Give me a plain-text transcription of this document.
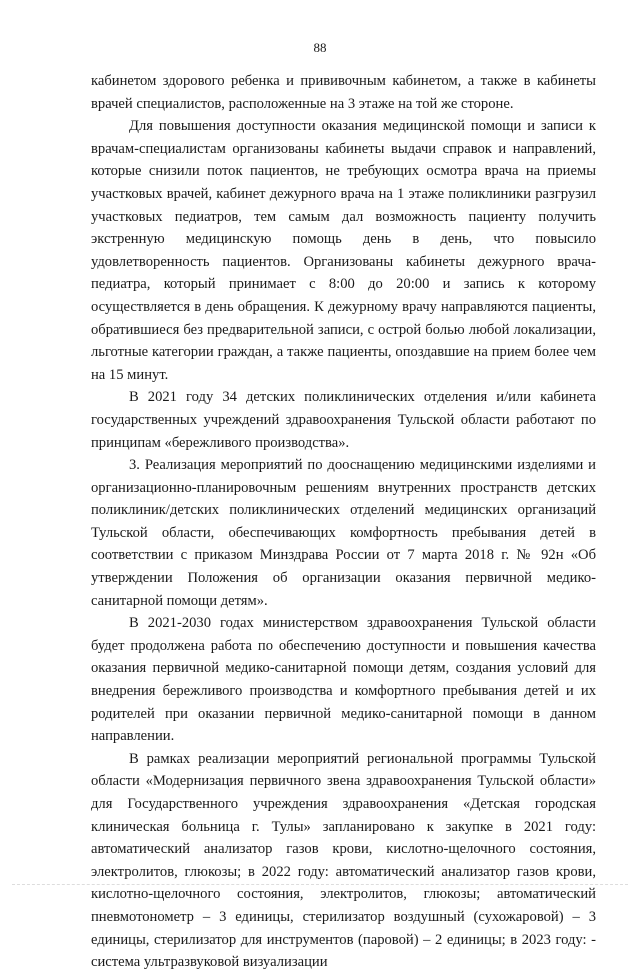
88

кабинетом здорового ребенка и прививочным кабинетом, а также в кабинеты врачей специалистов, расположенные на 3 этаже на той же стороне.

Для повышения доступности оказания медицинской помощи и записи к врачам-специалистам организованы кабинеты выдачи справок и направлений, которые снизили поток пациентов, не требующих осмотра врача на приемы участковых врачей, кабинет дежурного врача на 1 этаже поликлиники разгрузил участковых педиатров, тем самым дал возможность пациенту получить экстренную медицинскую помощь день в день, что повысило удовлетворенность пациентов. Организованы кабинеты дежурного врача-педиатра, который принимает с 8:00 до 20:00 и запись к которому осуществляется в день обращения. К дежурному врачу направляются пациенты, обратившиеся без предварительной записи, с острой болью любой локализации, льготные категории граждан, а также пациенты, опоздавшие на прием более чем на 15 минут.

В 2021 году 34 детских поликлинических отделения и/или кабинета государственных учреждений здравоохранения Тульской области работают по принципам «бережливого производства».

3. Реализация мероприятий по дооснащению медицинскими изделиями и организационно-планировочным решениям внутренних пространств детских поликлиник/детских поликлинических отделений медицинских организаций Тульской области, обеспечивающих комфортность пребывания детей в соответствии с приказом Минздрава России от 7 марта 2018 г. № 92н «Об утверждении Положения об организации оказания первичной медико-санитарной помощи детям».

В 2021-2030 годах министерством здравоохранения Тульской области будет продолжена работа по обеспечению доступности и повышения качества оказания первичной медико-санитарной помощи детям, создания условий для внедрения бережливого производства и комфортного пребывания детей и их родителей при оказании первичной медико-санитарной помощи в данном направлении.

В рамках реализации мероприятий региональной программы Тульской области «Модернизация первичного звена здравоохранения Тульской области» для Государственного учреждения здравоохранения «Детская городская клиническая больница г. Тулы» запланировано к закупке в 2021 году: автоматический анализатор газов крови, кислотно-щелочного состояния, электролитов, глюкозы; в 2022 году: автоматический анализатор газов крови, кислотно-щелочного состояния, электролитов, глюкозы; автоматический пневмотонометр – 3 единицы, стерилизатор воздушный (сухожаровой) – 3 единицы, стерилизатор для инструментов (паровой) – 2 единицы; в 2023 году: - система ультразвуковой визуализации
